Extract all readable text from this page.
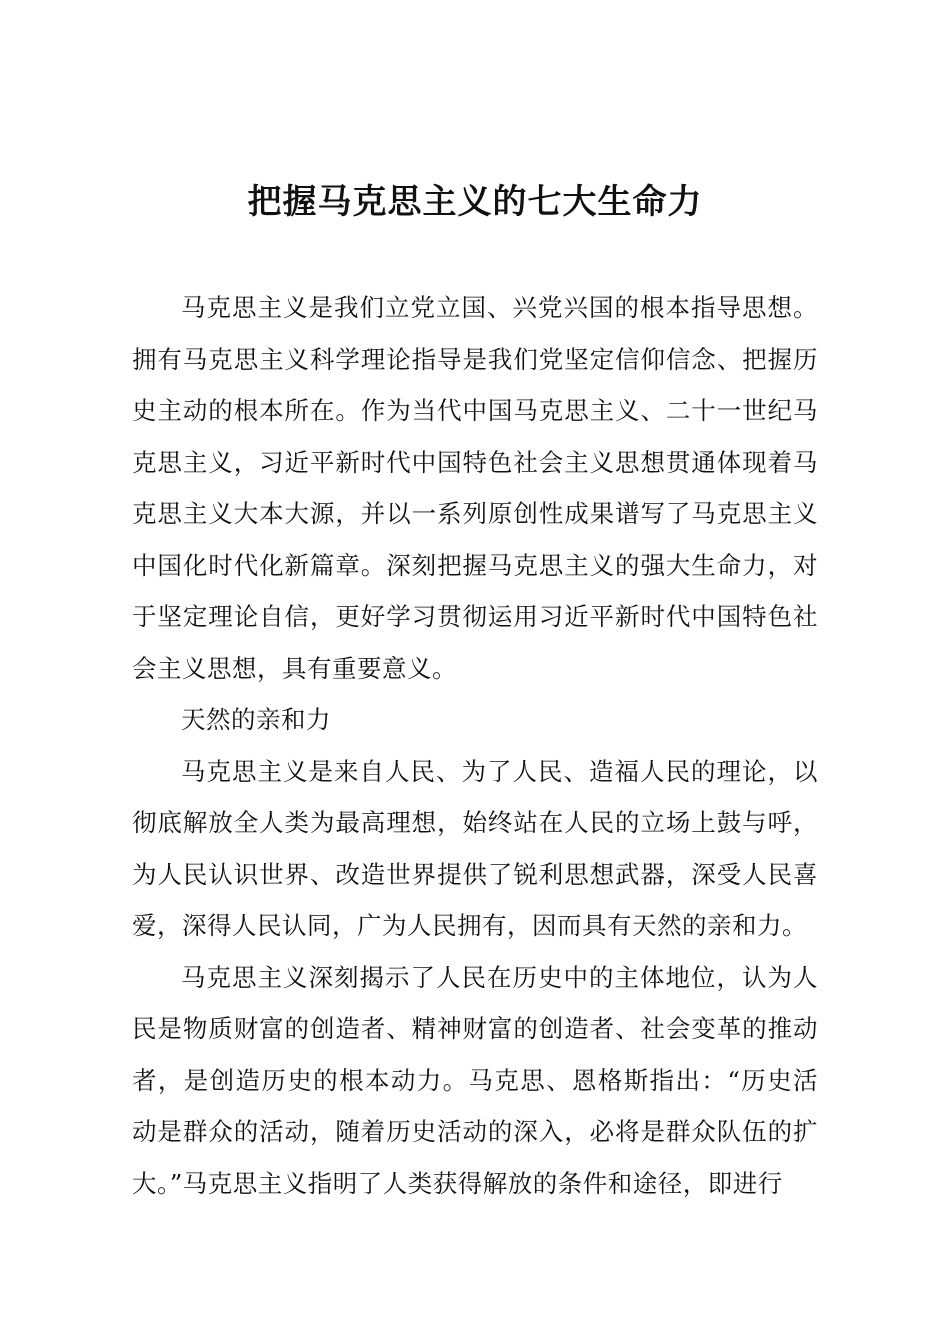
把握马克思主义的七大生命力

马克思主义是我们立党立国、兴党兴国的根本指导思想。拥有马克思主义科学理论指导是我们党坚定信仰信念、把握历史主动的根本所在。作为当代中国马克思主义、二十一世纪马克思主义，习近平新时代中国特色社会主义思想贯通体现着马克思主义大本大源，并以一系列原创性成果谱写了马克思主义中国化时代化新篇章。深刻把握马克思主义的强大生命力，对于坚定理论自信，更好学习贯彻运用习近平新时代中国特色社会主义思想，具有重要意义。

天然的亲和力

马克思主义是来自人民、为了人民、造福人民的理论，以彻底解放全人类为最高理想，始终站在人民的立场上鼓与呼，为人民认识世界、改造世界提供了锐利思想武器，深受人民喜爱，深得人民认同，广为人民拥有，因而具有天然的亲和力。

马克思主义深刻揭示了人民在历史中的主体地位，认为人民是物质财富的创造者、精神财富的创造者、社会变革的推动者，是创造历史的根本动力。马克思、恩格斯指出：“历史活动是群众的活动，随着历史活动的深入，必将是群众队伍的扩大。”马克思主义指明了人类获得解放的条件和途径，即进行
